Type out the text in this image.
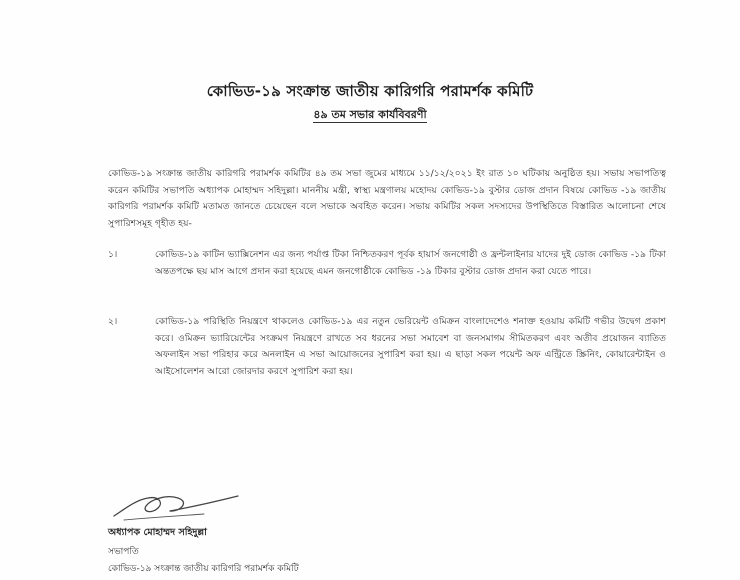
কোভিড-১৯ সংক্রান্ত জাতীয় কারিগরি পরামর্শক কমিটি
৪৯ তম সভার কার্যবিবরণী
কোভিড-১৯ সংক্রান্ত জাতীয় কারিগরি পরামর্শক কমিটির ৪৯ তম সভা জুমের মাধ্যমে ১১/১২/২০২১ ইং রাত ১০ ঘটিকায় অনুষ্ঠিত হয়। সভায় সভাপতিত্ব করেন কমিটির সভাপতি অধ্যাপক মোহাম্মদ সহিদুল্লা। মাননীয় মন্ত্রী, স্বাস্থ্য মন্ত্রণালয় মহোদয় কোভিড-১৯ বুস্টার ডোজ প্রদান বিষয়ে কোভিড -১৯ জাতীয় কারিগরি পরামর্শক কমিটি মতামত জানতে চেয়েছেন বলে সভাকে অবহিত করেন। সভায় কমিটির সকল সদস্যদের উপস্থিতিতে বিস্তারিত আলোচনা শেষে সুপারিশসমূহ গৃহীত হয়-
১।	কোভিড-১৯ কাটিন ভ্যাক্সিনেশন এর জন্য পর্যাপ্ত টিকা নিশ্চিতকরণ পূর্বক হায়ার্স জনগোষ্ঠী ও ফ্রন্টলাইনার যাদের দুই ডোজ কোভিড -১৯ টিকা অন্ততপক্ষে ছয় মাস আগে প্রদান করা হয়েছে এমন জনগোষ্ঠীকে কোভিড -১৯ টিকার বুস্টার ডোজ প্রদান করা যেতে পারে।
২।	কোভিড-১৯ পরিস্থিতি নিয়ন্ত্রণে থাকলেও কোভিড-১৯ এর নতুন ভেরিয়েন্ট ওমিক্রন বাংলাদেশেও শনাক্ত হওয়ায় কমিটি গভীর উদ্বেগ প্রকাশ করে। ওমিক্রন ভ্যারিয়েন্টের সংক্রমণ নিয়ন্ত্রণে রাখতে সব ধরনের সভা সমাবেশ বা জনসমাগম সীমিতকরণ এবং অতীব প্রয়োজন ব্যাতিত অফলাইন সভা পরিহার করে অনলাইন এ সভা আয়োজনের সুপারিশ করা হয়। এ ছাড়া সকল পয়েন্ট অফ এন্ট্রিতে স্ক্রিনিং, কোয়ারেন্টাইন ও আইসোলেশন আরো জোরদার করণে সুপারিশ করা হয়।
অধ্যাপক মোহাম্মদ সহিদুল্লা
সভাপতি
কোভিড-১৯ সংক্রান্ত জাতীয় কারিগরি পরামর্শক কমিটি
